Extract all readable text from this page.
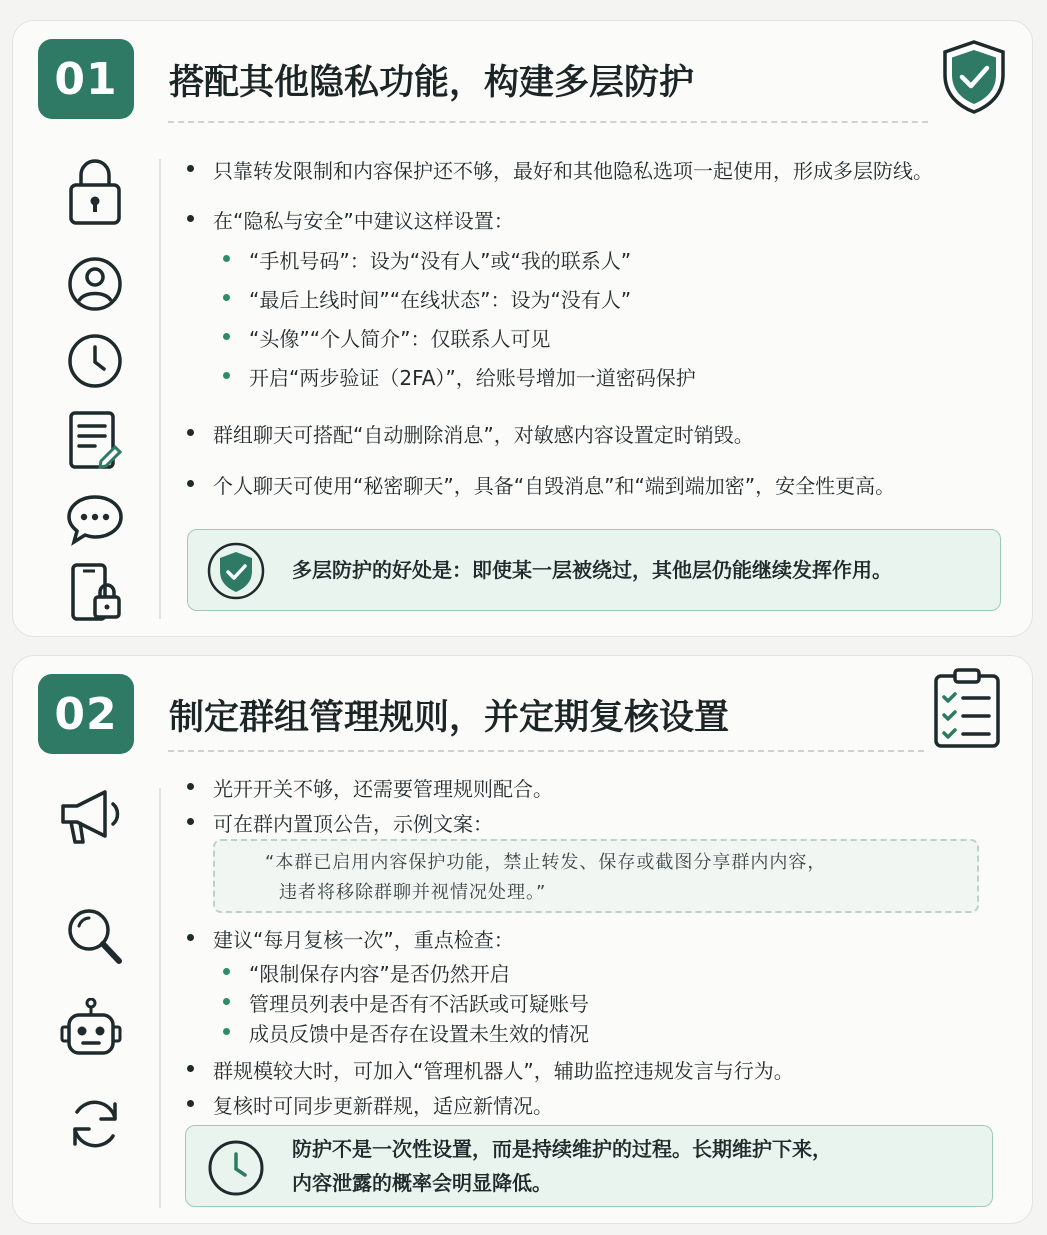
01	搭配其他隐私功能，构建多层防护
只靠转发限制和内容保护还不够，最好和其他隐私选项一起使用，形成多层防线。
在“隐私与安全”中建议这样设置：
“手机号码”：设为“没有人”或“我的联系人”
“最后上线时间”“在线状态”：设为“没有人”
“头像”“个人简介”：仅联系人可见
开启“两步验证（2FA）”，给账号增加一道密码保护
群组聊天可搭配“自动删除消息”，对敏感内容设置定时销毁。
个人聊天可使用“秘密聊天”，具备“自毁消息”和“端到端加密”，安全性更高。
多层防护的好处是：即使某一层被绕过，其他层仍能继续发挥作用。
02	制定群组管理规则，并定期复核设置
光开开关不够，还需要管理规则配合。
可在群内置顶公告，示例文案：
“本群已启用内容保护功能，禁止转发、保存或截图分享群内内容，
违者将移除群聊并视情况处理。”
建议“每月复核一次”，重点检查：
“限制保存内容”是否仍然开启
管理员列表中是否有不活跃或可疑账号
成员反馈中是否存在设置未生效的情况
群规模较大时，可加入“管理机器人”，辅助监控违规发言与行为。
复核时可同步更新群规，适应新情况。
防护不是一次性设置，而是持续维护的过程。长期维护下来，
内容泄露的概率会明显降低。
